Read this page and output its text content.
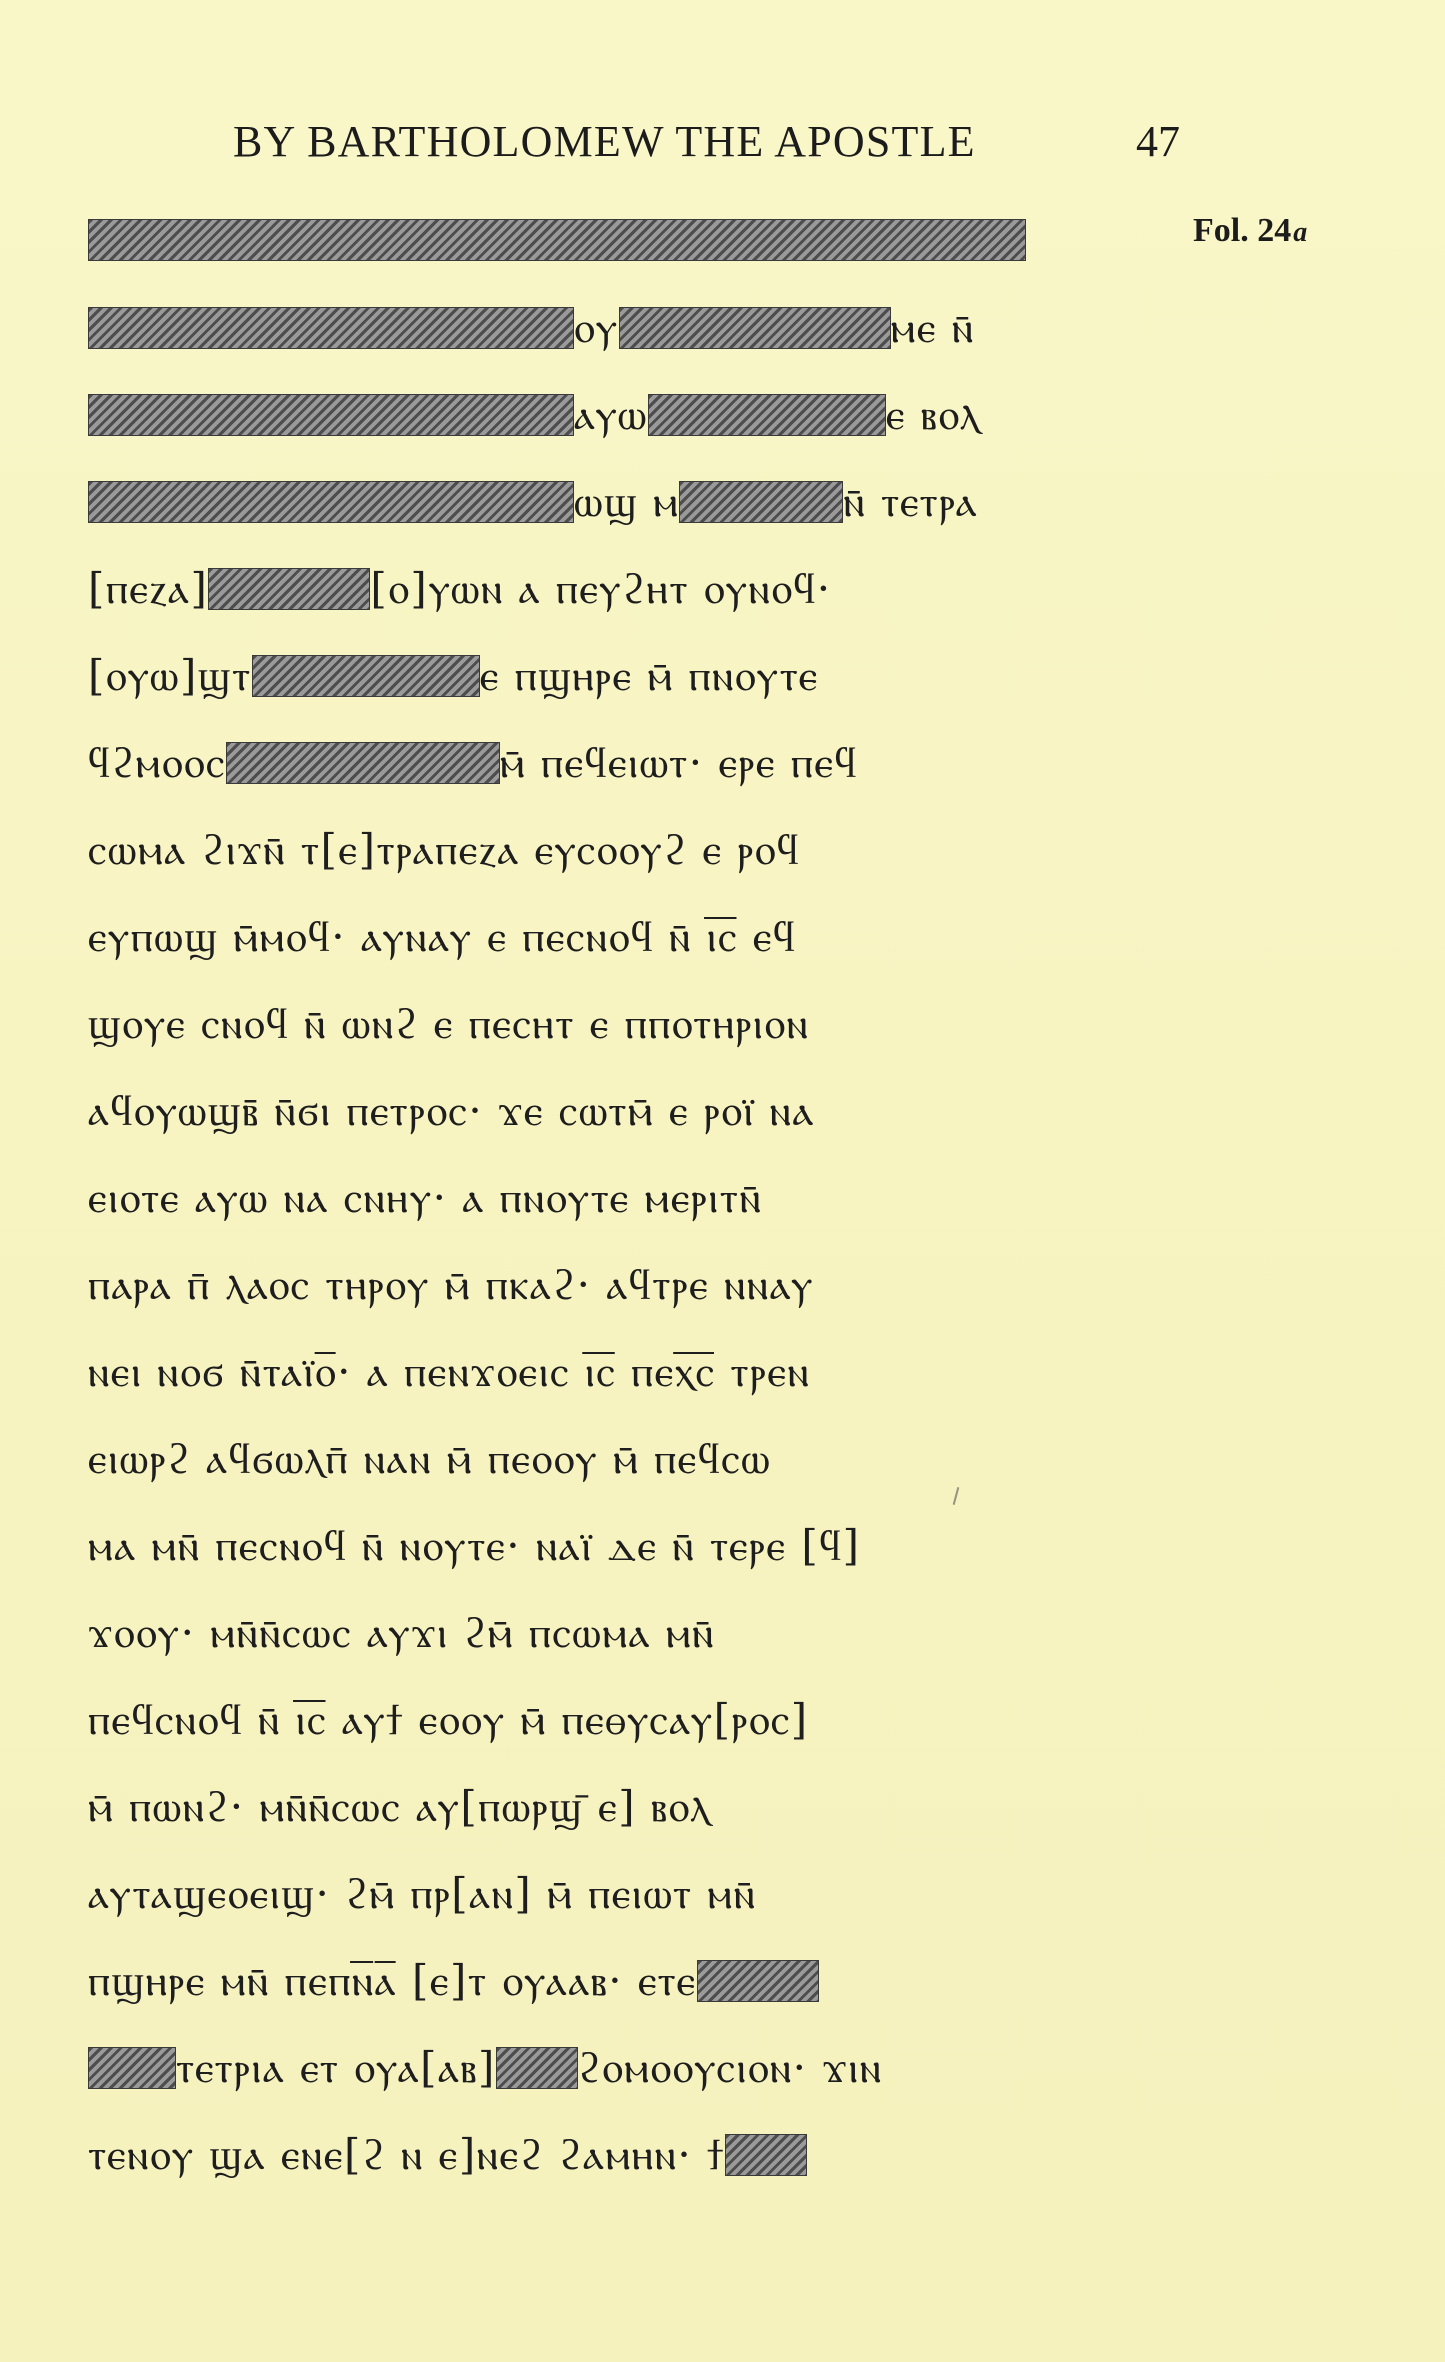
BY BARTHOLOMEW THE APOSTLE	47
Fol. 24a
ⲟⲩ	ⲙⲉ ⲛ̄
ⲁⲩⲱ	ⲉ ⲃⲟⲗ
ⲱϣ ⲙ	ⲛ̄ ⲧⲉⲧⲣⲁ
[ⲡⲉⲍⲁ]	[ⲟ]ⲩⲱⲛ ⲁ ⲡⲉⲩϩⲏⲧ ⲟⲩⲛⲟϥ·
[ⲟⲩⲱ]ϣⲧ	ⲉ ⲡϣⲏⲣⲉ ⲙ̄ ⲡⲛⲟⲩⲧⲉ
ϥϩⲙⲟⲟⲥ	ⲙ̄ ⲡⲉϥⲉⲓⲱⲧ· ⲉⲣⲉ ⲡⲉϥ
ⲥⲱⲙⲁ ϩⲓϫⲛ̄ ⲧ[ⲉ]ⲧⲣⲁⲡⲉⲍⲁ ⲉⲩⲥⲟⲟⲩϩ ⲉ ⲣⲟϥ
ⲉⲩⲡⲱϣ ⲙ̄ⲙⲟϥ· ⲁⲩⲛⲁⲩ ⲉ ⲡⲉⲥⲛⲟϥ ⲛ̄ ⲓ̅ⲥ̅ ⲉϥ
ϣⲟⲩⲉ ⲥⲛⲟϥ ⲛ̄ ⲱⲛϩ ⲉ ⲡⲉⲥⲏⲧ ⲉ ⲡⲡⲟⲧⲏⲣⲓⲟⲛ
ⲁϥⲟⲩⲱϣⲃ̄ ⲛ̄ϭⲓ ⲡⲉⲧⲣⲟⲥ· ϫⲉ ⲥⲱⲧⲙ̄ ⲉ ⲣⲟⲓ̈ ⲛⲁ
ⲉⲓⲟⲧⲉ ⲁⲩⲱ ⲛⲁ ⲥⲛⲏⲩ· ⲁ ⲡⲛⲟⲩⲧⲉ ⲙⲉⲣⲓⲧⲛ̄
ⲡⲁⲣⲁ ⲡ̄ ⲗⲁⲟⲥ ⲧⲏⲣⲟⲩ ⲙ̄ ⲡⲕⲁϩ· ⲁϥⲧⲣⲉ ⲛⲛⲁⲩ
ⲛⲉⲓ ⲛⲟϭ ⲛ̄ⲧⲁⲓ̈ⲟ̅· ⲁ ⲡⲉⲛϫⲟⲉⲓⲥ ⲓ̅ⲥ̅ ⲡⲉⲭ̅ⲥ̅ ⲧⲣⲉⲛ
ⲉⲓⲱⲣϩ ⲁϥϭⲱⲗⲡ̄ ⲛⲁⲛ ⲙ̄ ⲡⲉⲟⲟⲩ ⲙ̄ ⲡⲉϥⲥⲱ
ⲙⲁ ⲙⲛ̄ ⲡⲉⲥⲛⲟϥ ⲛ̄ ⲛⲟⲩⲧⲉ· ⲛⲁⲓ̈ ⲇⲉ ⲛ̄ ⲧⲉⲣⲉ [ϥ]
ϫⲟⲟⲩ· ⲙⲛ̄ⲛ̄ⲥⲱⲥ ⲁⲩϫⲓ ϩⲙ̄ ⲡⲥⲱⲙⲁ ⲙⲛ̄
ⲡⲉϥⲥⲛⲟϥ ⲛ̄ ⲓ̅ⲥ̅ ⲁⲩϯ ⲉⲟⲟⲩ ⲙ̄ ⲡⲉⲑⲩⲥⲁⲩ[ⲣⲟⲥ]
ⲙ̄ ⲡⲱⲛϩ· ⲙⲛ̄ⲛ̄ⲥⲱⲥ ⲁⲩ[ⲡⲱⲣϣ̄ ⲉ] ⲃⲟⲗ
ⲁⲩⲧⲁϣⲉⲟⲉⲓϣ· ϩⲙ̄ ⲡⲣ[ⲁⲛ] ⲙ̄ ⲡⲉⲓⲱⲧ ⲙⲛ̄
ⲡϣⲏⲣⲉ ⲙⲛ̄ ⲡⲉⲡⲛ̅ⲁ̅ [ⲉ]ⲧ ⲟⲩⲁⲁⲃ· ⲉⲧⲉ
ⲧⲉⲧⲣⲓⲁ ⲉⲧ ⲟⲩⲁ[ⲁⲃ] ϩⲟⲙⲟⲟⲩⲥⲓⲟⲛ· ϫⲓⲛ
ⲧⲉⲛⲟⲩ ϣⲁ ⲉⲛⲉ[ϩ ⲛ ⲉ]ⲛⲉϩ ϩⲁⲙⲏⲛ· ϯ
